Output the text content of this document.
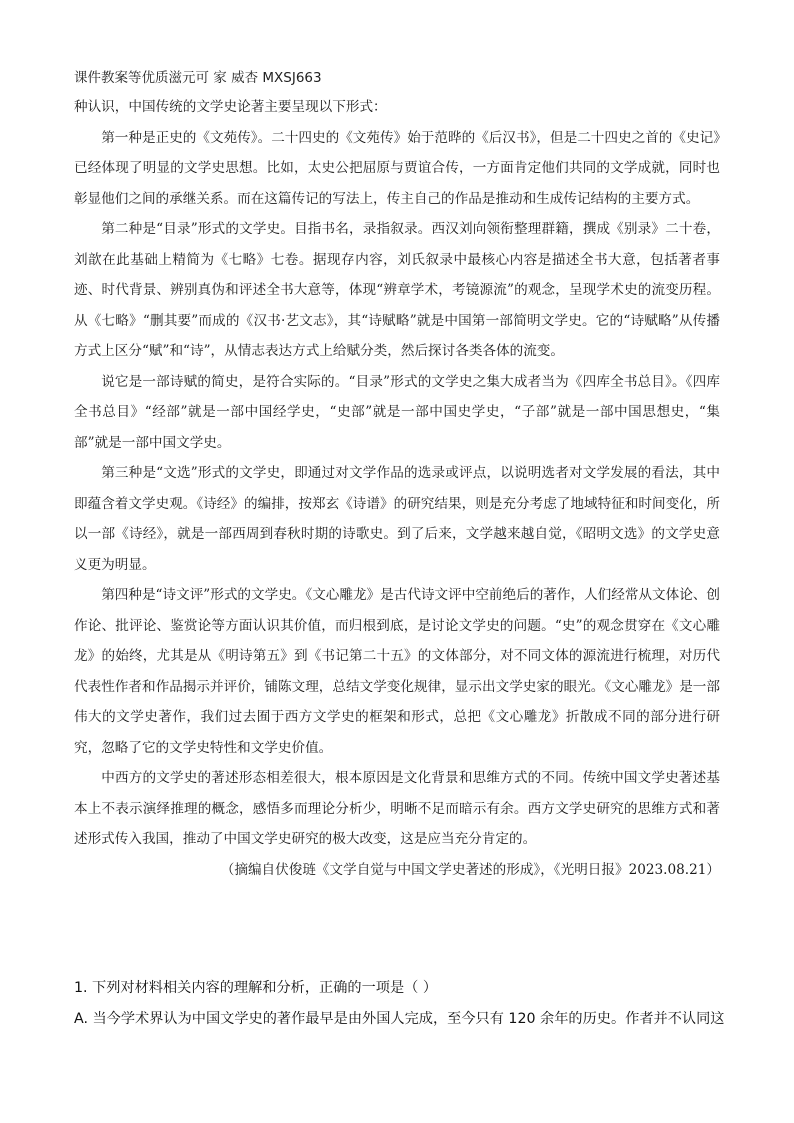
课件教案等优质滋元可 家 威杏 MXSJ663

种认识，中国传统的文学史论著主要呈现以下形式：

第一种是正史的《文苑传》。二十四史的《文苑传》始于范晔的《后汉书》，但是二十四史之首的《史记》已经体现了明显的文学史思想。比如，太史公把屈原与贾谊合传，一方面肯定他们共同的文学成就，同时也彰显他们之间的承继关系。而在这篇传记的写法上，传主自己的作品是推动和生成传记结构的主要方式。

第二种是“目录”形式的文学史。目指书名，录指叙录。西汉刘向领衔整理群籍，撰成《别录》二十卷，刘歆在此基础上精简为《七略》七卷。据现存内容，刘氏叙录中最核心内容是描述全书大意，包括著者事迹、时代背景、辨别真伪和评述全书大意等，体现“辨章学术，考镜源流”的观念，呈现学术史的流变历程。从《七略》“删其要”而成的《汉书·艺文志》，其“诗赋略”就是中国第一部简明文学史。它的“诗赋略”从传播方式上区分“赋”和“诗”，从情志表达方式上给赋分类，然后探讨各类各体的流变。

说它是一部诗赋的简史，是符合实际的。“目录”形式的文学史之集大成者当为《四库全书总目》。《四库全书总目》“经部”就是一部中国经学史，“史部”就是一部中国史学史，“子部”就是一部中国思想史，“集部”就是一部中国文学史。

第三种是“文选”形式的文学史，即通过对文学作品的选录或评点，以说明选者对文学发展的看法，其中即蕴含着文学史观。《诗经》的编排，按郑玄《诗谱》的研究结果，则是充分考虑了地域特征和时间变化，所以一部《诗经》，就是一部西周到春秋时期的诗歌史。到了后来，文学越来越自觉，《昭明文选》的文学史意义更为明显。

第四种是“诗文评”形式的文学史。《文心雕龙》是古代诗文评中空前绝后的著作，人们经常从文体论、创作论、批评论、鉴赏论等方面认识其价值，而归根到底，是讨论文学史的问题。“史”的观念贯穿在《文心雕龙》的始终，尤其是从《明诗第五》到《书记第二十五》的文体部分，对不同文体的源流进行梳理，对历代代表性作者和作品揭示并评价，铺陈文理，总结文学变化规律，显示出文学史家的眼光。《文心雕龙》是一部伟大的文学史著作，我们过去囿于西方文学史的框架和形式，总把《文心雕龙》折散成不同的部分进行研究，忽略了它的文学史特性和文学史价值。

中西方的文学史的著述形态相差很大，根本原因是文化背景和思维方式的不同。传统中国文学史著述基本上不表示演绎推理的概念，感悟多而理论分析少，明晰不足而暗示有余。西方文学史研究的思维方式和著述形式传入我国，推动了中国文学史研究的极大改变，这是应当充分肯定的。

（摘编自伏俊琏《文学自觉与中国文学史著述的形成》，《光明日报》2023.08.21）

1. 下列对材料相关内容的理解和分析，正确的一项是（ ）

A. 当今学术界认为中国文学史的著作最早是由外国人完成，至今只有 120 余年的历史。作者并不认同这
